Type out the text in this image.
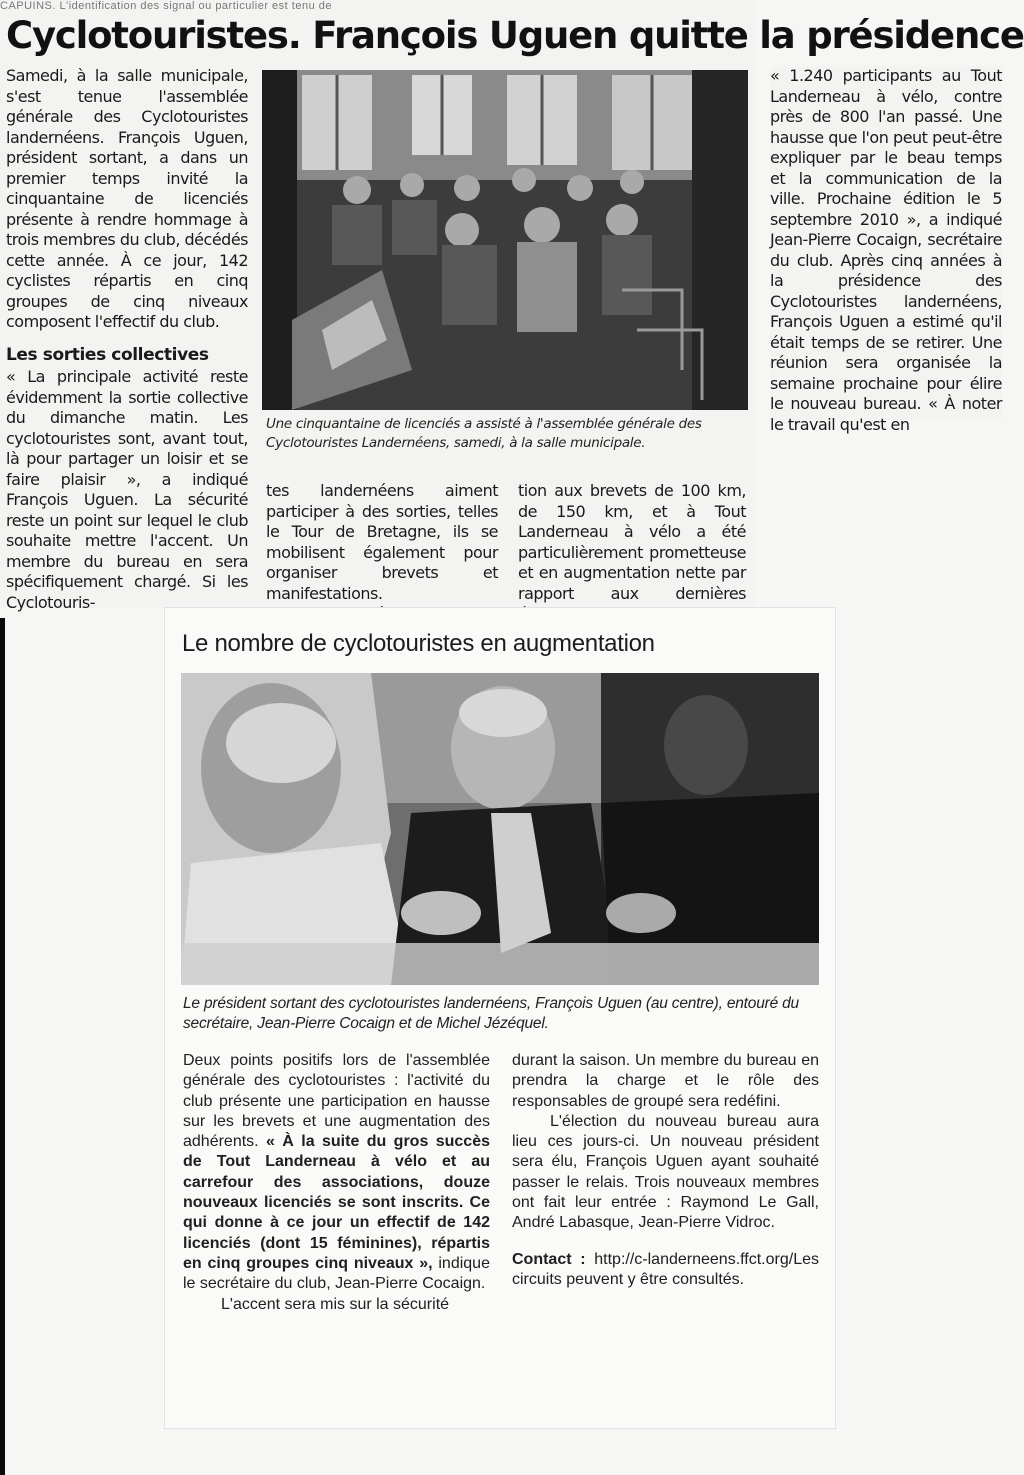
CAPUINS. L'identification des signal ou particulier est tenu de
Cyclotouristes. François Uguen quitte la présidence

Samedi, à la salle municipale, s'est tenue l'assemblée générale des Cyclotouristes landernéens. François Uguen, président sortant, a dans un premier temps invité la cinquantaine de licenciés présente à rendre hommage à trois membres du club, décédés cette année. À ce jour, 142 cyclistes répartis en cinq groupes de cinq niveaux composent l'effectif du club.

Les sorties collectives

« La principale activité reste évidemment la sortie collective du dimanche matin. Les cyclotouristes sont, avant tout, là pour partager un loisir et se faire plaisir », a indiqué François Uguen. La sécurité reste un point sur lequel le club souhaite mettre l'accent. Un membre du bureau en sera spécifiquement chargé. Si les Cyclotouris-

Une cinquantaine de licenciés a assisté à l'assemblée générale des Cyclotouristes Landernéens, samedi, à la salle municipale.

tes landernéens aiment participer à des sorties, telles le Tour de Bretagne, ils se mobilisent également pour organiser brevets et manifestations.

tion aux brevets de 100 km, de 150 km, et à Tout Landerneau à vélo a été particulièrement prometteuse et en augmentation nette par rapport aux dernières

« 1.240 participants au Tout Landerneau à vélo, contre près de 800 l'an passé. Une hausse que l'on peut peut-être expliquer par le beau temps et la communication de la ville. Prochaine édition le 5 septembre 2010 », a indiqué Jean-Pierre Cocaign, secrétaire du club. Après cinq années à la présidence des Cyclotouristes landernéens, François Uguen a estimé qu'il était temps de se retirer. Une réunion sera organisée la semaine prochaine pour élire le nouveau bureau. « À noter le travail qu'est en

Le nombre de cyclotouristes en augmentation
Le président sortant des cyclotouristes landernéens, François Uguen (au centre), entouré du secrétaire, Jean-Pierre Cocaign et de Michel Jézéquel.

Deux points positifs lors de l'assemblée générale des cyclotouristes : l'activité du club présente une participation en hausse sur les brevets et une augmentation des adhérents. « À la suite du gros succès de Tout Landerneau à vélo et au carrefour des associations, douze nouveaux licenciés se sont inscrits. Ce qui donne à ce jour un effectif de 142 licenciés (dont 15 féminines), répartis en cinq groupes cinq niveaux », indique le secrétaire du club, Jean-Pierre Cocaign.

L'accent sera mis sur la sécurité

durant la saison. Un membre du bureau en prendra la charge et le rôle des responsables de groupé sera redéfini.

L'élection du nouveau bureau aura lieu ces jours-ci. Un nouveau président sera élu, François Uguen ayant souhaité passer le relais. Trois nouveaux membres ont fait leur entrée : Raymond Le Gall, André Labasque, Jean-Pierre Vidroc.

Contact : http://c-landerneens.ffct.org/Les circuits peuvent y être consultés.
